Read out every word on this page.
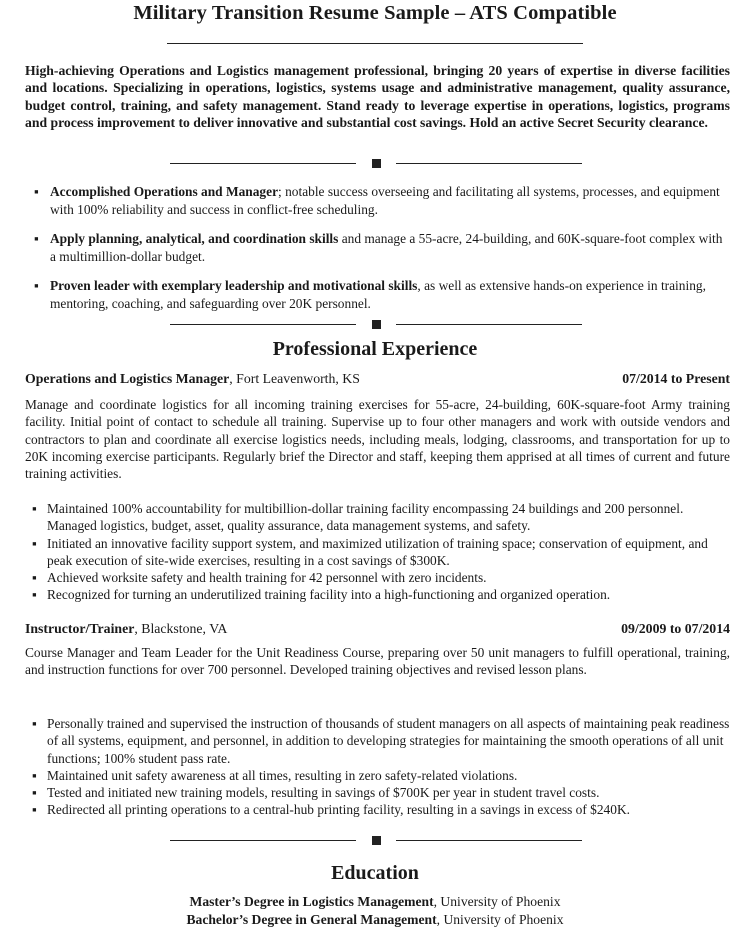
Military Transition Resume Sample – ATS Compatible
High-achieving Operations and Logistics management professional, bringing 20 years of expertise in diverse facilities and locations. Specializing in operations, logistics, systems usage and administrative management, quality assurance, budget control, training, and safety management. Stand ready to leverage expertise in operations, logistics, programs and process improvement to deliver innovative and substantial cost savings. Hold an active Secret Security clearance.
▪ Accomplished Operations and Manager; notable success overseeing and facilitating all systems, processes, and equipment with 100% reliability and success in conflict-free scheduling.
▪ Apply planning, analytical, and coordination skills and manage a 55-acre, 24-building, and 60K-square-foot complex with a multimillion-dollar budget.
▪ Proven leader with exemplary leadership and motivational skills, as well as extensive hands-on experience in training, mentoring, coaching, and safeguarding over 20K personnel.
Professional Experience
Operations and Logistics Manager, Fort Leavenworth, KS	07/2014 to Present

Manage and coordinate logistics for all incoming training exercises for 55-acre, 24-building, 60K-square-foot Army training facility. Initial point of contact to schedule all training. Supervise up to four other managers and work with outside vendors and contractors to plan and coordinate all exercise logistics needs, including meals, lodging, classrooms, and transportation for up to 20K incoming exercise participants. Regularly brief the Director and staff, keeping them apprised at all times of current and future training activities.

▪ Maintained 100% accountability for multibillion-dollar training facility encompassing 24 buildings and 200 personnel. Managed logistics, budget, asset, quality assurance, data management systems, and safety.
▪ Initiated an innovative facility support system, and maximized utilization of training space; conservation of equipment, and peak execution of site-wide exercises, resulting in a cost savings of $300K.
▪ Achieved worksite safety and health training for 42 personnel with zero incidents.
▪ Recognized for turning an underutilized training facility into a high-functioning and organized operation.
Instructor/Trainer, Blackstone, VA	09/2009 to 07/2014

Course Manager and Team Leader for the Unit Readiness Course, preparing over 50 unit managers to fulfill operational, training, and instruction functions for over 700 personnel. Developed training objectives and revised lesson plans.

▪ Personally trained and supervised the instruction of thousands of student managers on all aspects of maintaining peak readiness of all systems, equipment, and personnel, in addition to developing strategies for maintaining the smooth operations of all unit functions; 100% student pass rate.
▪ Maintained unit safety awareness at all times, resulting in zero safety-related violations.
▪ Tested and initiated new training models, resulting in savings of $700K per year in student travel costs.
▪ Redirected all printing operations to a central-hub printing facility, resulting in a savings in excess of $240K.
Education
Master’s Degree in Logistics Management, University of Phoenix
Bachelor’s Degree in General Management, University of Phoenix
